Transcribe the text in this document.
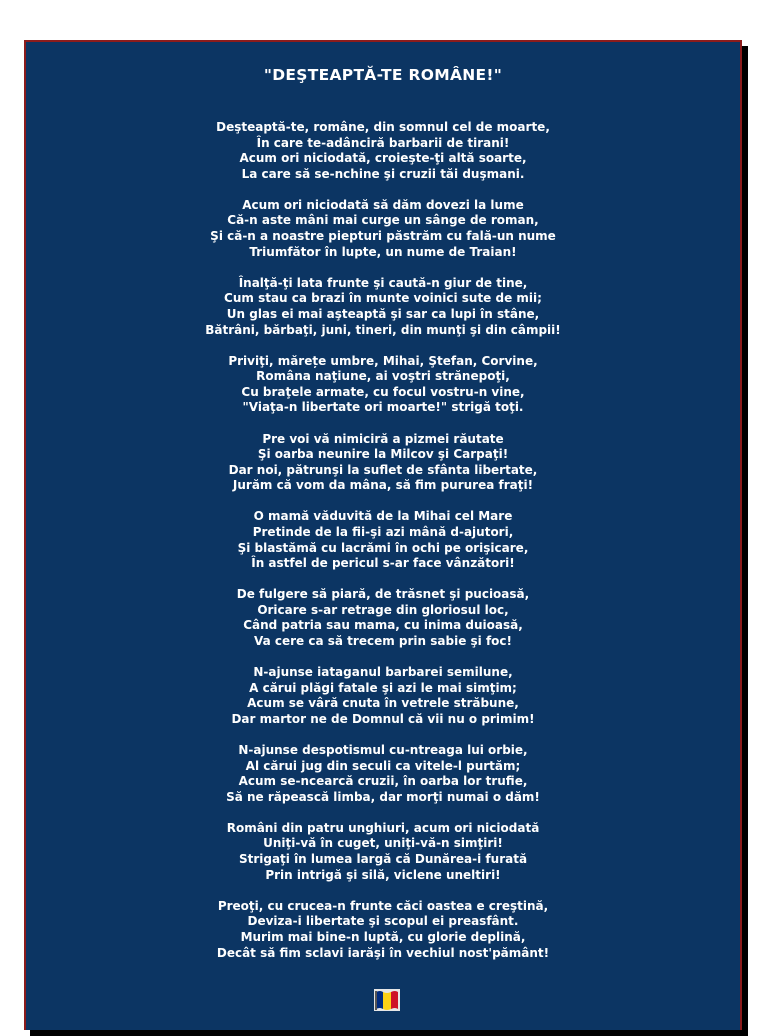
"DEŞTEAPTĂ-TE ROMÂNE!"
Deşteaptă-te, române, din somnul cel de moarte,
În care te-adânciră barbarii de tirani!
Acum ori niciodată, croieşte-ţi altă soarte,
La care să se-nchine şi cruzii tăi duşmani.
Acum ori niciodată să dăm dovezi la lume
Că-n aste mâni mai curge un sânge de roman,
Şi că-n a noastre piepturi păstrăm cu fală-un nume
Triumfător în lupte, un nume de Traian!
Înalţă-ţi lata frunte şi caută-n giur de tine,
Cum stau ca brazi în munte voinici sute de mii;
Un glas ei mai aşteaptă şi sar ca lupi în stâne,
Bătrâni, bărbaţi, juni, tineri, din munţi şi din câmpii!
Priviţi, mărețe umbre, Mihai, Ştefan, Corvine,
Româna naţiune, ai voştri strănepoţi,
Cu braţele armate, cu focul vostru-n vine,
"Viaţa-n libertate ori moarte!" strigă toţi.
Pre voi vă nimiciră a pizmei răutate
Şi oarba neunire la Milcov şi Carpaţi!
Dar noi, pătrunşi la suflet de sfânta libertate,
Jurăm că vom da mâna, să fim pururea fraţi!
O mamă văduvită de la Mihai cel Mare
Pretinde de la fii-şi azi mână d-ajutori,
Şi blastămă cu lacrămi în ochi pe orişicare,
În astfel de pericul s-ar face vânzători!
De fulgere să piară, de trăsnet şi pucioasă,
Oricare s-ar retrage din gloriosul loc,
Când patria sau mama, cu inima duioasă,
Va cere ca să trecem prin sabie şi foc!
N-ajunse iataganul barbarei semilune,
A cărui plăgi fatale şi azi le mai simţim;
Acum se vâră cnuta în vetrele străbune,
Dar martor ne de Domnul că vii nu o primim!
N-ajunse despotismul cu-ntreaga lui orbie,
Al cărui jug din seculi ca vitele-l purtăm;
Acum se-ncearcă cruzii, în oarba lor trufie,
Să ne răpească limba, dar morţi numai o dăm!
Români din patru unghiuri, acum ori niciodată
Uniţi-vă în cuget, uniţi-vă-n simţiri!
Strigaţi în lumea largă că Dunărea-i furată
Prin intrigă şi silă, viclene uneltiri!
Preoţi, cu crucea-n frunte căci oastea e creştină,
Deviza-i libertate şi scopul ei preasfânt.
Murim mai bine-n luptă, cu glorie deplină,
Decât să fim sclavi iarăşi în vechiul nost'pământ!
